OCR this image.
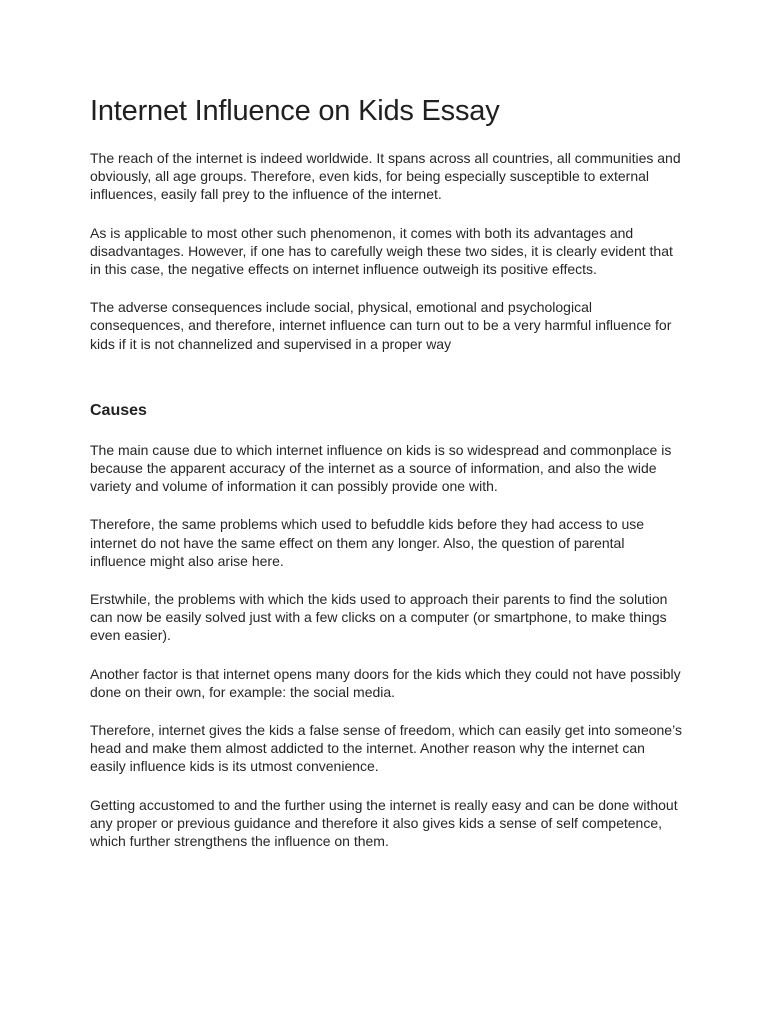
Internet Influence on Kids Essay

The reach of the internet is indeed worldwide. It spans across all countries, all communities and obviously, all age groups. Therefore, even kids, for being especially susceptible to external influences, easily fall prey to the influence of the internet.

As is applicable to most other such phenomenon, it comes with both its advantages and disadvantages. However, if one has to carefully weigh these two sides, it is clearly evident that in this case, the negative effects on internet influence outweigh its positive effects.

The adverse consequences include social, physical, emotional and psychological consequences, and therefore, internet influence can turn out to be a very harmful influence for kids if it is not channelized and supervised in a proper way

Causes

The main cause due to which internet influence on kids is so widespread and commonplace is because the apparent accuracy of the internet as a source of information, and also the wide variety and volume of information it can possibly provide one with.

Therefore, the same problems which used to befuddle kids before they had access to use internet do not have the same effect on them any longer. Also, the question of parental influence might also arise here.

Erstwhile, the problems with which the kids used to approach their parents to find the solution can now be easily solved just with a few clicks on a computer (or smartphone, to make things even easier).

Another factor is that internet opens many doors for the kids which they could not have possibly done on their own, for example: the social media.

Therefore, internet gives the kids a false sense of freedom, which can easily get into someone’s head and make them almost addicted to the internet. Another reason why the internet can easily influence kids is its utmost convenience.

Getting accustomed to and the further using the internet is really easy and can be done without any proper or previous guidance and therefore it also gives kids a sense of self competence, which further strengthens the influence on them.
